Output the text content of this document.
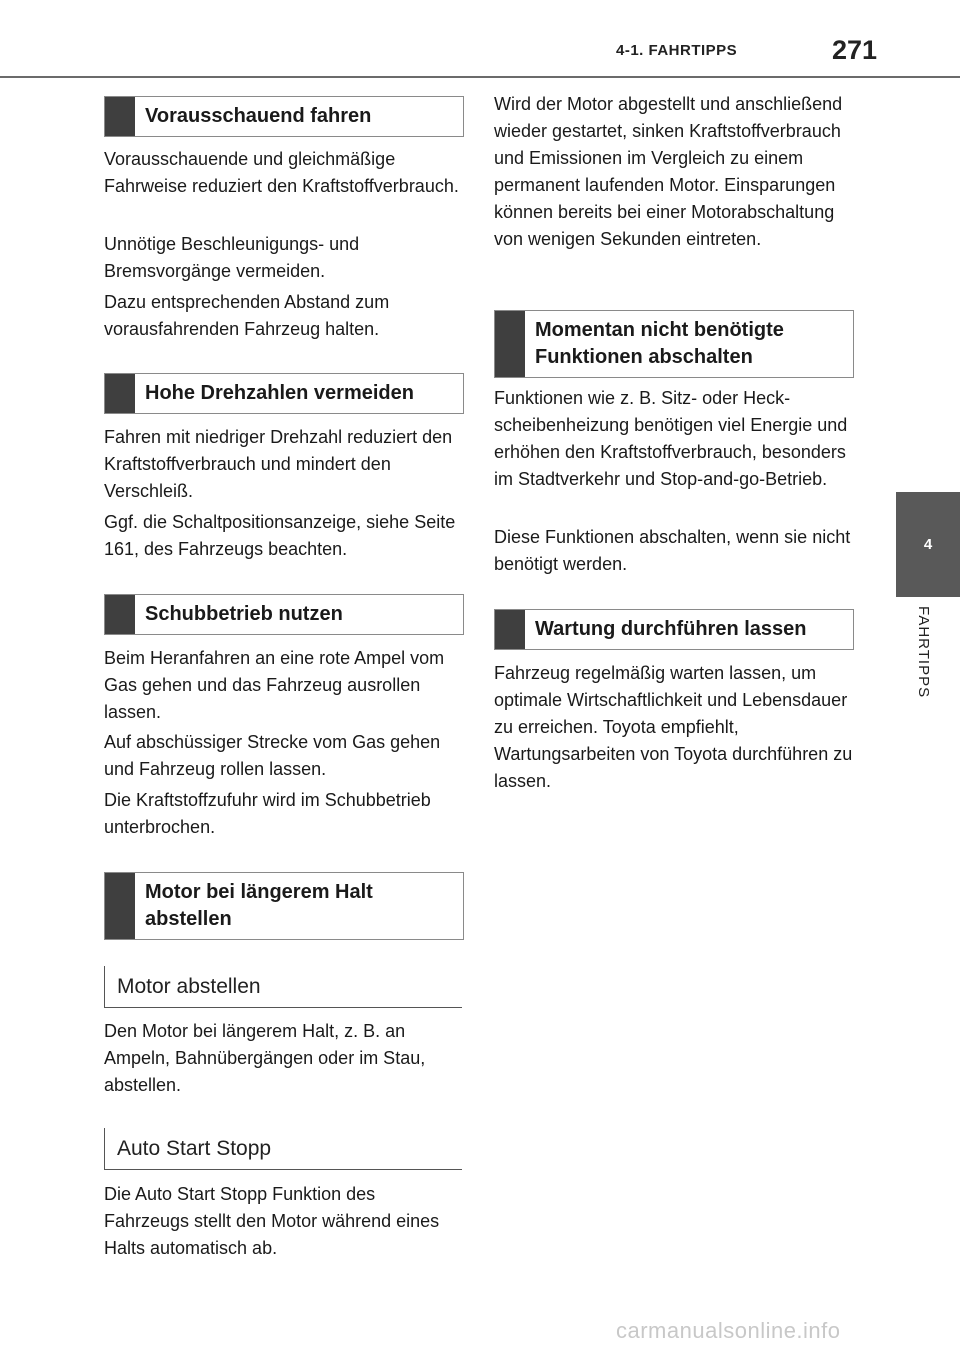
4-1. FAHRTIPPS	271
4
FAHRTIPPS
Vorausschauend fahren

Vorausschauende und gleichmäßige Fahrweise reduziert den Kraftstoffverbrauch.

Unnötige Beschleunigungs- und Bremsvorgänge vermeiden.

Dazu entsprechenden Abstand zum vorausfahrenden Fahrzeug halten.

Hohe Drehzahlen vermeiden

Fahren mit niedriger Drehzahl reduziert den Kraftstoffverbrauch und mindert den Verschleiß.

Ggf. die Schaltpositionsanzeige, siehe Seite 161, des Fahrzeugs beachten.

Schubbetrieb nutzen

Beim Heranfahren an eine rote Ampel vom Gas gehen und das Fahrzeug ausrollen lassen.

Auf abschüssiger Strecke vom Gas gehen und Fahrzeug rollen lassen.

Die Kraftstoffzufuhr wird im Schubbetrieb unterbrochen.

Motor bei längerem Halt abstellen
Motor abstellen

Den Motor bei längerem Halt, z. B. an Ampeln, Bahnübergängen oder im Stau, abstellen.

Auto Start Stopp

Die Auto Start Stopp Funktion des Fahrzeugs stellt den Motor während eines Halts automatisch ab.

Wird der Motor abgestellt und anschließend wieder gestartet, sinken Kraftstoffverbrauch und Emissionen im Vergleich zu einem permanent laufenden Motor. Einsparungen können bereits bei einer Motorabschaltung von wenigen Sekunden eintreten.

Momentan nicht benötigte Funktionen abschalten

Funktionen wie z. B. Sitz- oder Heckscheibenheizung benötigen viel Energie und erhöhen den Kraftstoffverbrauch, besonders im Stadtverkehr und Stop-and-go-Betrieb.

Diese Funktionen abschalten, wenn sie nicht benötigt werden.

Wartung durchführen lassen

Fahrzeug regelmäßig warten lassen, um optimale Wirtschaftlichkeit und Lebensdauer zu erreichen. Toyota empfiehlt, Wartungsarbeiten von Toyota durchführen zu lassen.

carmanualsonline.info
